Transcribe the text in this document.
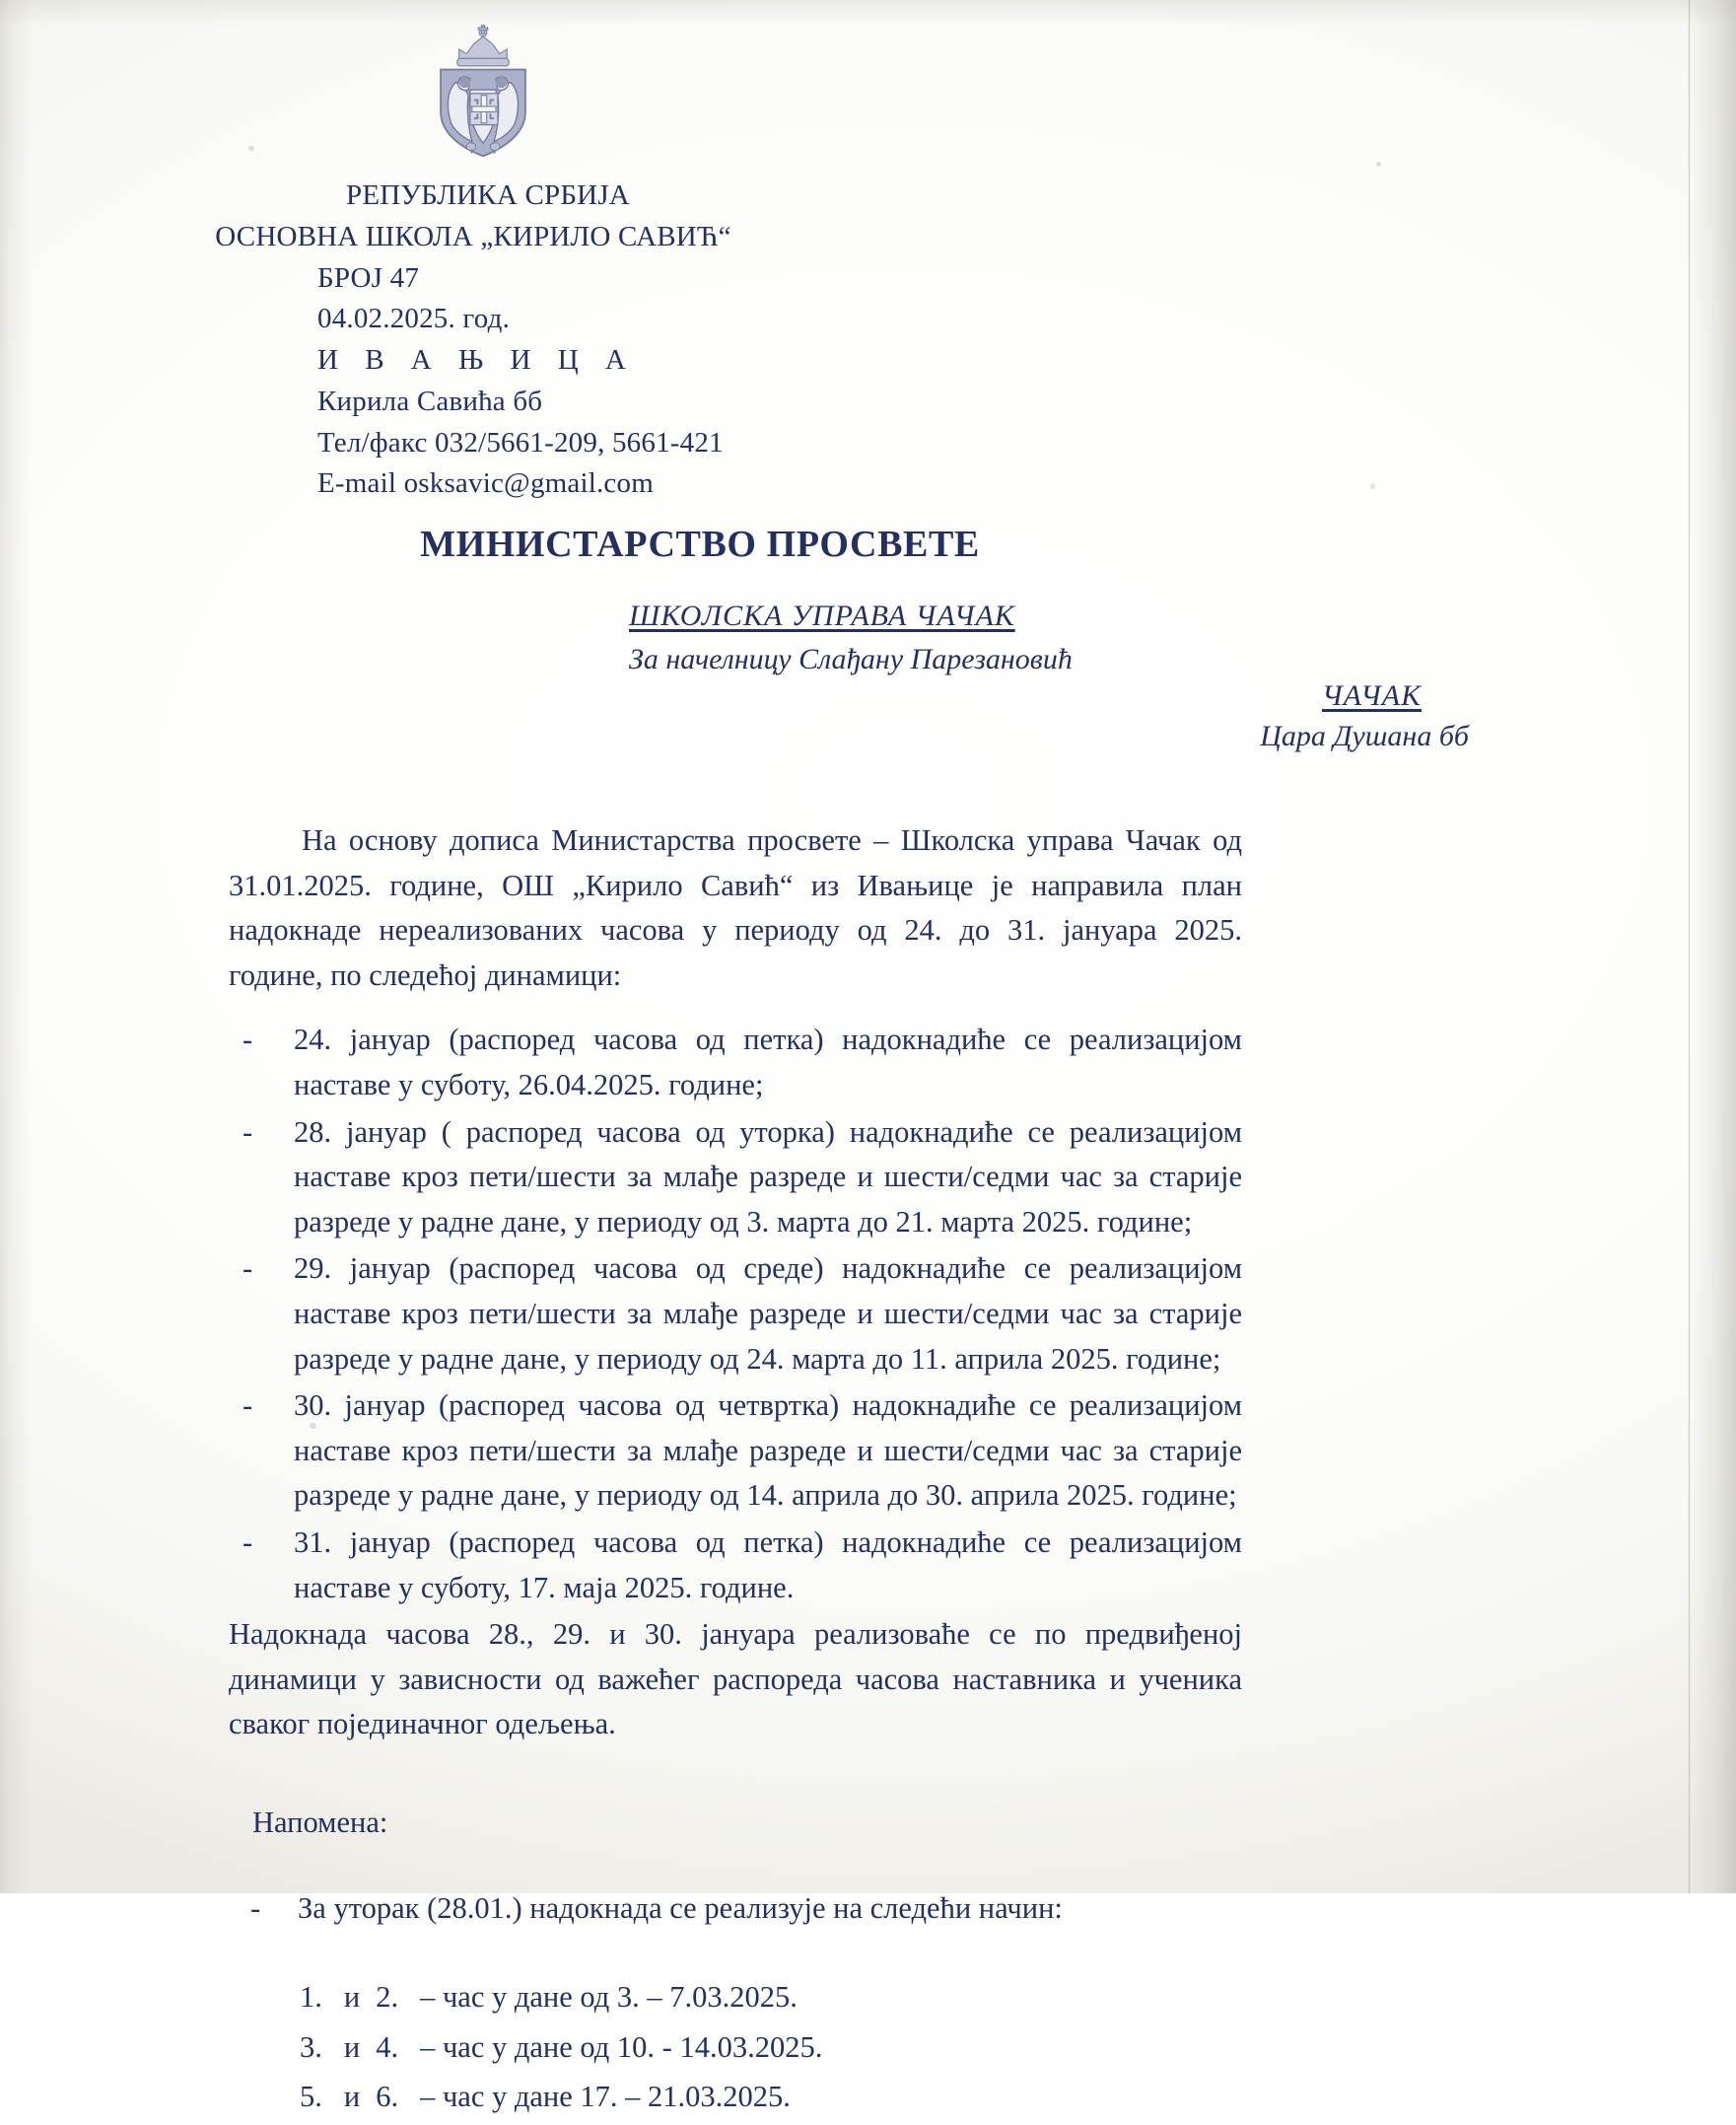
РЕПУБЛИКА СРБИЈА
ОСНОВНА ШКОЛА „КИРИЛО САВИЋ“
БРОЈ 47
04.02.2025. год.
И В А Њ И Ц А
Кирила Савића бб
Тел/факс 032/5661-209, 5661-421
E-mail osksavic@gmail.com
МИНИСТАРСТВО ПРОСВЕТЕ
ШКОЛСКА УПРАВА ЧАЧАК
За начелницу Слађану Парезановић
ЧАЧАК
Цара Душана бб

На основу дописа Министарства просвете – Школска управа Чачак од 31.01.2025. године, ОШ „Кирило Савић“ из Ивањице је направила план надокнаде нереализованих часова у периоду од 24. до 31. јануара 2025. године, по следећој динамици:

- 24. јануар (распоред часова од петка) надокнадиће се реализацијом наставе у суботу, 26.04.2025. године;
- 28. јануар ( распоред часова од уторка) надокнадиће се реализацијом наставе кроз пети/шести за млађе разреде и шести/седми час за старије разреде у радне дане, у периоду од 3. марта до 21. марта 2025. године;
- 29. јануар (распоред часова од среде) надокнадиће се реализацијом наставе кроз пети/шести за млађе разреде и шести/седми час за старије разреде у радне дане, у периоду од 24. марта до 11. априла 2025. године;
- 30. јануар (распоред часова од четвртка) надокнадиће се реализацијом наставе кроз пети/шести за млађе разреде и шести/седми час за старије разреде у радне дане, у периоду од 14. априла до 30. априла 2025. године;
- 31. јануар (распоред часова од петка) надокнадиће се реализацијом наставе у суботу, 17. маја 2025. године.

Надокнада часова 28., 29. и 30. јануара реализоваће се по предвиђеној динамици у зависности од важећег распореда часова наставника и ученика сваког појединачног одељења.

Напомена:

- За уторак (28.01.) надокнада се реализује на следећи начин:
1.	и	2.	– час у дане од 3. – 7.03.2025.
3.	и	4.	– час у дане од 10. - 14.03.2025.
5.	и	6.	– час у дане 17. – 21.03.2025.
